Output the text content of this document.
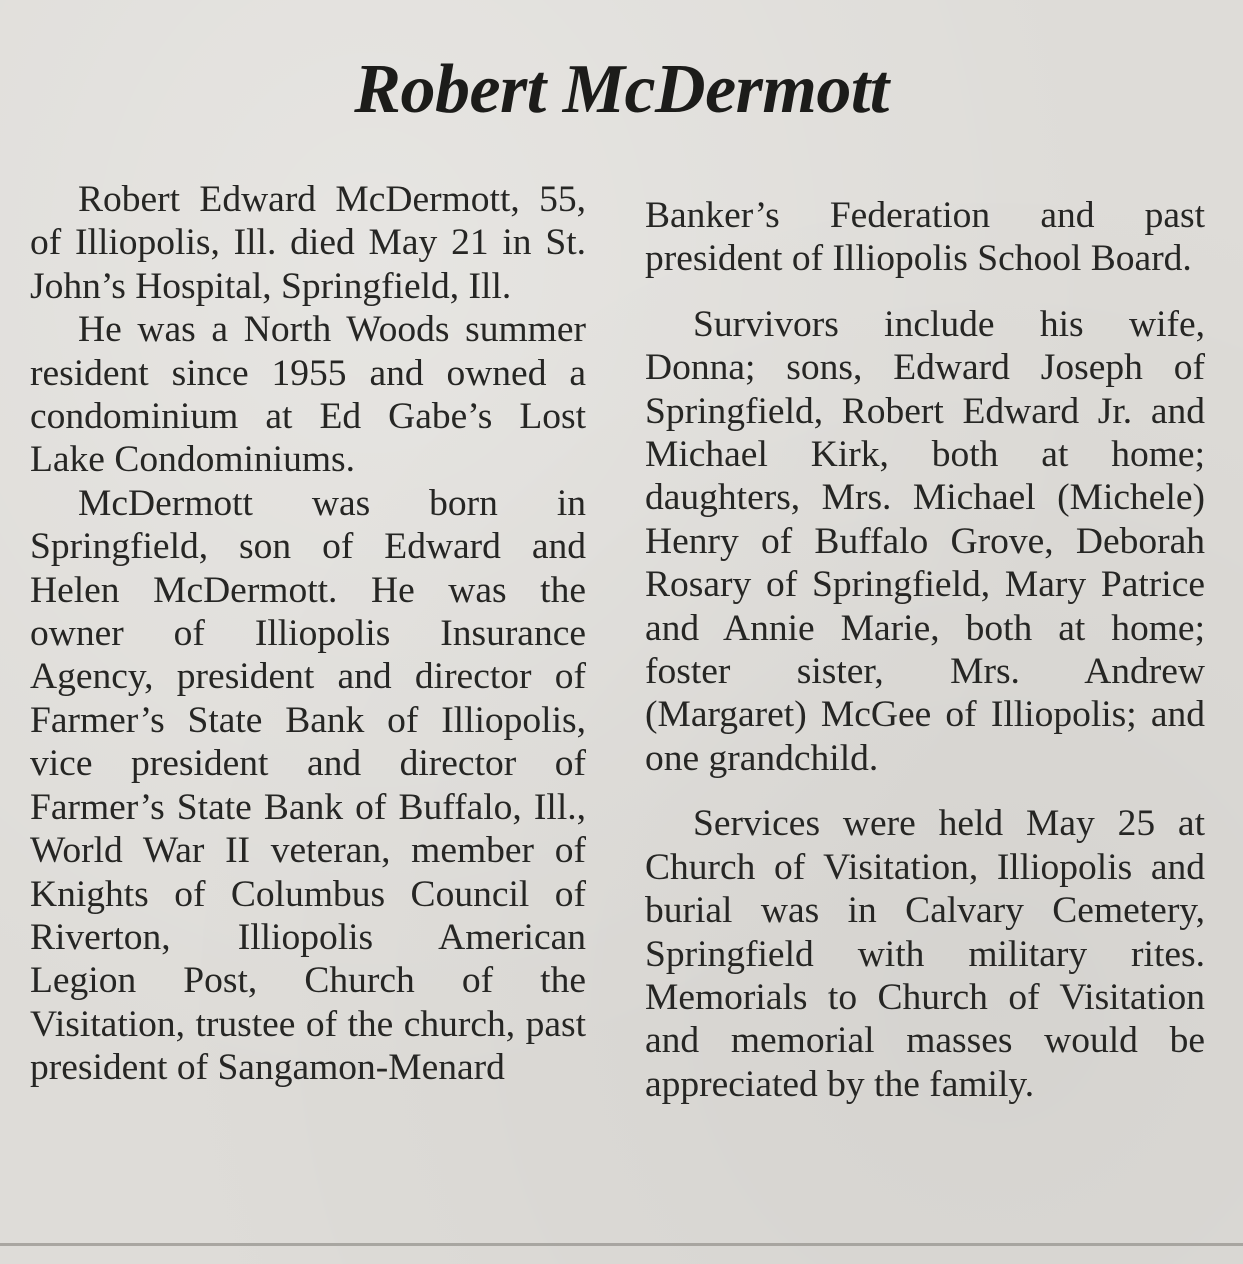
Robert McDermott

Robert Edward McDermott, 55, of Illiopolis, Ill. died May 21 in St. John’s Hospital, Springfield, Ill.

He was a North Woods summer resident since 1955 and owned a condominium at Ed Gabe’s Lost Lake Condominiums.

McDermott was born in Springfield, son of Edward and Helen McDermott. He was the owner of Illiopolis Insurance Agency, president and director of Farmer’s State Bank of Illiopolis, vice president and director of Farmer’s State Bank of Buffalo, Ill., World War II veteran, member of Knights of Columbus Council of Riverton, Illiopolis American Legion Post, Church of the Visitation, trustee of the church, past president of Sangamon-Menard

Banker’s Federation and past president of Illiopolis School Board.

Survivors include his wife, Donna; sons, Edward Joseph of Springfield, Robert Edward Jr. and Michael Kirk, both at home; daughters, Mrs. Michael (Michele) Henry of Buffalo Grove, Deborah Rosary of Springfield, Mary Patrice and Annie Marie, both at home; foster sister, Mrs. Andrew (Margaret) McGee of Illiopolis; and one grandchild.

Services were held May 25 at Church of Visitation, Illiopolis and burial was in Calvary Cemetery, Springfield with military rites. Memorials to Church of Visitation and memorial masses would be appreciated by the family.
